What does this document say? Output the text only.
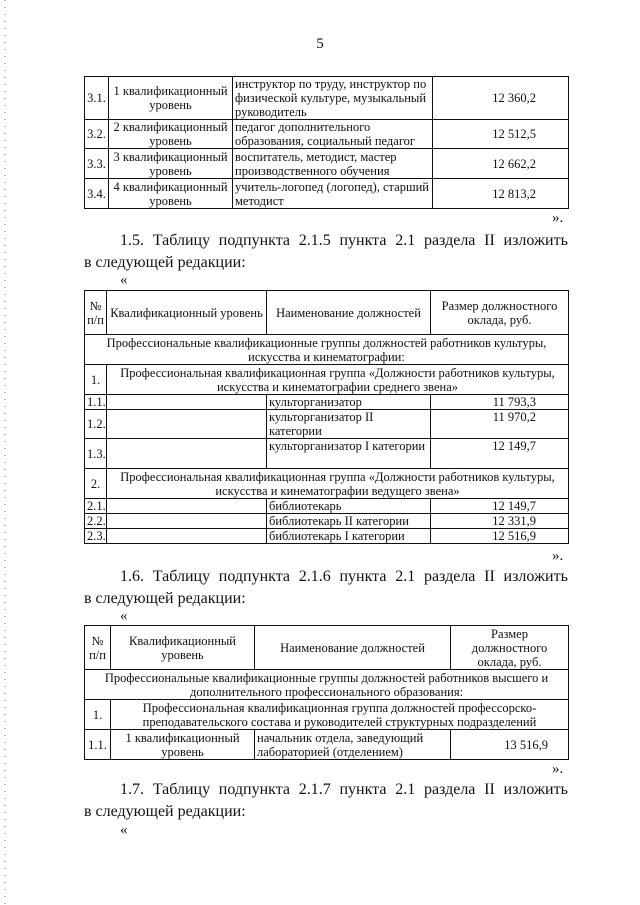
5
3.1.	1 квалификационный уровень	инструктор по труду, инструктор по физической культуре, музыкальный руководитель	12 360,2
3.2.	2 квалификационный уровень	педагог дополнительного образования, социальный педагог	12 512,5
3.3.	3 квалификационный уровень	воспитатель, методист, мастер производственного обучения	12 662,2
3.4.	4 квалификационный уровень	учитель-логопед (логопед), старший методист	12 813,2
».
1.5. Таблицу подпункта 2.1.5 пункта 2.1 раздела II изложить
в следующей редакции:
«
№ п/п	Квалификационный уровень	Наименование должностей	Размер должностного оклада, руб.
Профессиональные квалификационные группы должностей работников культуры, искусства и кинематографии:			
1.	Профессиональная квалификационная группа «Должности работников культуры, искусства и кинематографии среднего звена»		
1.1.		культорганизатор	11 793,3
1.2.		культорганизатор II категории	11 970,2
1.3.		культорганизатор I категории	12 149,7
2.	Профессиональная квалификационная группа «Должности работников культуры, искусства и кинематографии ведущего звена»		
2.1.		библиотекарь	12 149,7
2.2.		библиотекарь II категории	12 331,9
2.3.		библиотекарь I категории	12 516,9
».
1.6. Таблицу подпункта 2.1.6 пункта 2.1 раздела II изложить
в следующей редакции:
«
№ п/п	Квалификационный уровень	Наименование должностей	Размер должностного оклада, руб.
Профессиональные квалификационные группы должностей работников высшего и дополнительного профессионального образования:			
1.	Профессиональная квалификационная группа должностей профессорско-преподавательского состава и руководителей структурных подразделений		
1.1.	1 квалификационный уровень	начальник отдела, заведующий лабораторией (отделением)	13 516,9
».
1.7. Таблицу подпункта 2.1.7 пункта 2.1 раздела II изложить
в следующей редакции:
«
